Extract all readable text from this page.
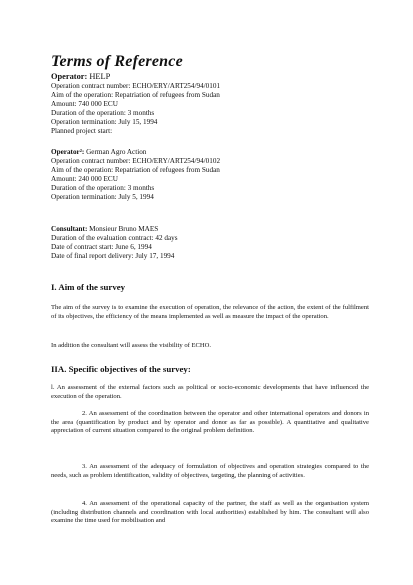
Terms of Reference
Operator: HELP
Operation contract number: ECHO/ERY/ART254/94/0101
Aim of the operation: Repatriation of refugees from Sudan
Amount: 740 000 ECU
Duration of the operation: 3 months
Operation termination: July 15, 1994
Planned project start:
Operator²: German Agro Action
Operation contract number: ECHO/ERY/ART254/94/0102
Aim of the operation: Repatriation of refugees from Sudan
Amount: 240 000 ECU
Duration of the operation: 3 months
Operation termination: July 5, 1994
Consultant: Monsieur Bruno MAES
Duration of the evaluation contract: 42 days
Date of contract start: June 6, 1994
Date of final report delivery: July 17, 1994
I. Aim of the survey
The aim of the survey is to examine the execution of operation, the relevance of the action, the extent of the fulfilment of its objectives, the efficiency of the means implemented as well as measure the impact of the operation.
In addition the consultant will assess the visibility of ECHO.
IIA. Specific objectives of the survey:
l. An assessment of the external factors such as political or socio-economic developments that have influenced the execution of the operation.
2. An assessment of the coordination between the operator and other international operators and donors in the area (quantification by product and by operator and donor as far as possible). A quantitative and qualitative appreciation of current situation compared to the original problem definition.
3. An assessment of the adequacy of formulation of objectives and operation strategies compared to the needs, such as problem identification, validity of objectives, targeting, the planning of activities.
4. An assessment of the operational capacity of the partner, the staff as well as the organisation system (including distribution channels and coordination with local authorities) established by him. The consultant will also examine the time used for mobilisation and
